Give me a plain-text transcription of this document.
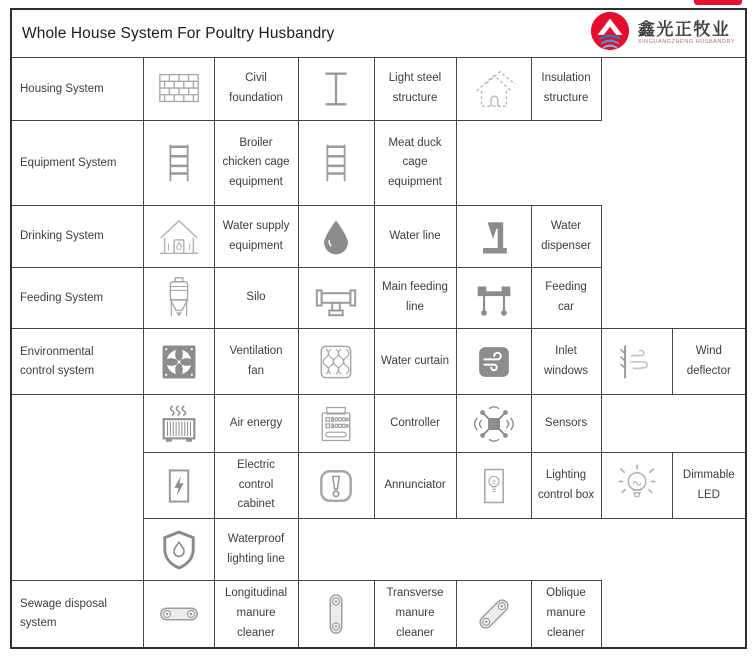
Whole House System For Poultry Husbandry 鑫光正牧业
XINGUANGZHENG HUSBANDRY								

Housing System		Civil foundation		Light steel structure		Insulation structure		
Equipment System		Broiler chicken cage equipment		Meat duck cage equipment				
Drinking System		Water supply equipment		Water line		Water dispenser		
Feeding System		Silo		Main feeding line		Feeding car		
Environmental control system		Ventilation fan		Water curtain		Inlet windows		Wind deflector
		Air energy		Controller		Sensors		
	Electric control cabinet		Annunciator		Lighting control box		Dimmable LED
	Waterproof lighting line						
Sewage disposal system		Longitudinal manure cleaner		Transverse manure cleaner		Oblique manure cleaner		
